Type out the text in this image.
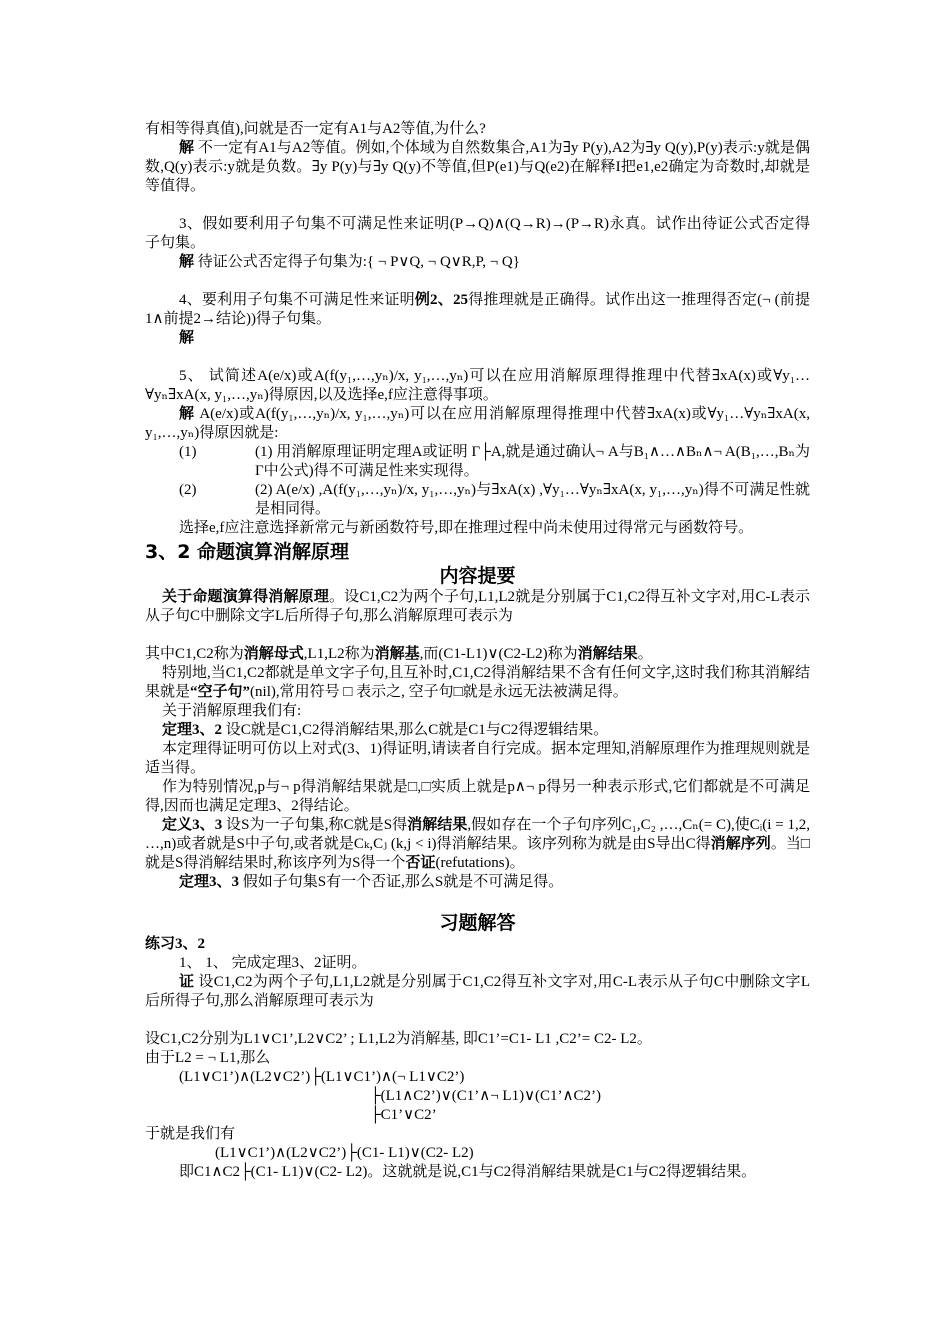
有相等得真值),问就是否一定有A1与A2等值,为什么?

解 不一定有A1与A2等值。例如,个体域为自然数集合,A1为∃y P(y),A2为∃y Q(y),P(y)表示:y就是偶数,Q(y)表示:y就是负数。∃y P(y)与∃y Q(y)不等值,但P(e1)与Q(e2)在解释I把e1,e2确定为奇数时,却就是等值得。

3、假如要利用子句集不可满足性来证明(P→Q)∧(Q→R)→(P→R)永真。试作出待证公式否定得子句集。

解 待证公式否定得子句集为:{ ¬ P∨Q, ¬ Q∨R,P, ¬ Q}

4、要利用子句集不可满足性来证明例2、25得推理就是正确得。试作出这一推理得否定(¬ (前提1∧前提2→结论))得子句集。

解

5、 试简述A(e/x)或A(f(y₁,…,yₙ)/x, y₁,…,yₙ)可以在应用消解原理得推理中代替∃xA(x)或∀y₁…∀yₙ∃xA(x, y₁,…,yₙ)得原因,以及选择e,f应注意得事项。

解 A(e/x)或A(f(y₁,…,yₙ)/x, y₁,…,yₙ)可以在应用消解原理得推理中代替∃xA(x)或∀y₁…∀yₙ∃xA(x, y₁,…,yₙ)得原因就是:

(1)	(1) 用消解原理证明定理A或证明 Γ├A,就是通过确认¬ A与B₁∧…∧Bₙ∧¬ A(B₁,…,Bₙ为Γ中公式)得不可满足性来实现得。
(2)	(2) A(e/x) ,A(f(y₁,…,yₙ)/x, y₁,…,yₙ)与∃xA(x) ,∀y₁…∀yₙ∃xA(x, y₁,…,yₙ)得不可满足性就是相同得。

选择e,f应注意选择新常元与新函数符号,即在推理过程中尚未使用过得常元与函数符号。

3、2 命题演算消解原理

内容提要

关于命题演算得消解原理。设C1,C2为两个子句,L1,L2就是分别属于C1,C2得互补文字对,用C-L表示从子句C中删除文字L后所得子句,那么消解原理可表示为

其中C1,C2称为消解母式,L1,L2称为消解基,而(C1-L1)∨(C2-L2)称为消解结果。

特别地,当C1,C2都就是单文字子句,且互补时,C1,C2得消解结果不含有任何文字,这时我们称其消解结果就是“空子句”(nil),常用符号 □ 表示之, 空子句□就是永远无法被满足得。

关于消解原理我们有:

定理3、2 设C就是C1,C2得消解结果,那么C就是C1与C2得逻辑结果。

本定理得证明可仿以上对式(3、1)得证明,请读者自行完成。据本定理知,消解原理作为推理规则就是适当得。

作为特别情况,p与¬ p得消解结果就是□,□实质上就是p∧¬ p得另一种表示形式,它们都就是不可满足得,因而也满足定理3、2得结论。

定义3、3 设S为一子句集,称C就是S得消解结果,假如存在一个子句序列C₁,C₂ ,…,Cₙ(= C),使Cᵢ(i = 1,2, …,n)或者就是S中子句,或者就是Cₖ,Cⱼ (k,j < i)得消解结果。该序列称为就是由S导出C得消解序列。当□就是S得消解结果时,称该序列为S得一个否证(refutations)。

定理3、3 假如子句集S有一个否证,那么S就是不可满足得。

习题解答

练习3、2

1、 1、 完成定理3、2证明。

证 设C1,C2为两个子句,L1,L2就是分别属于C1,C2得互补文字对,用C-L表示从子句C中删除文字L后所得子句,那么消解原理可表示为

设C1,C2分别为L1∨C1’,L2∨C2’ ; L1,L2为消解基, 即C1’=C1- L1 ,C2’= C2- L2。

由于L2 = ¬ L1,那么

(L1∨C1’)∧(L2∨C2’)├(L1∨C1’)∧(¬ L1∨C2’)

├(L1∧C2’)∨(C1’∧¬ L1)∨(C1’∧C2’)

├C1’∨C2’

于就是我们有

(L1∨C1’)∧(L2∨C2’)├(C1- L1)∨(C2- L2)

即C1∧C2├(C1- L1)∨(C2- L2)。这就就是说,C1与C2得消解结果就是C1与C2得逻辑结果。
